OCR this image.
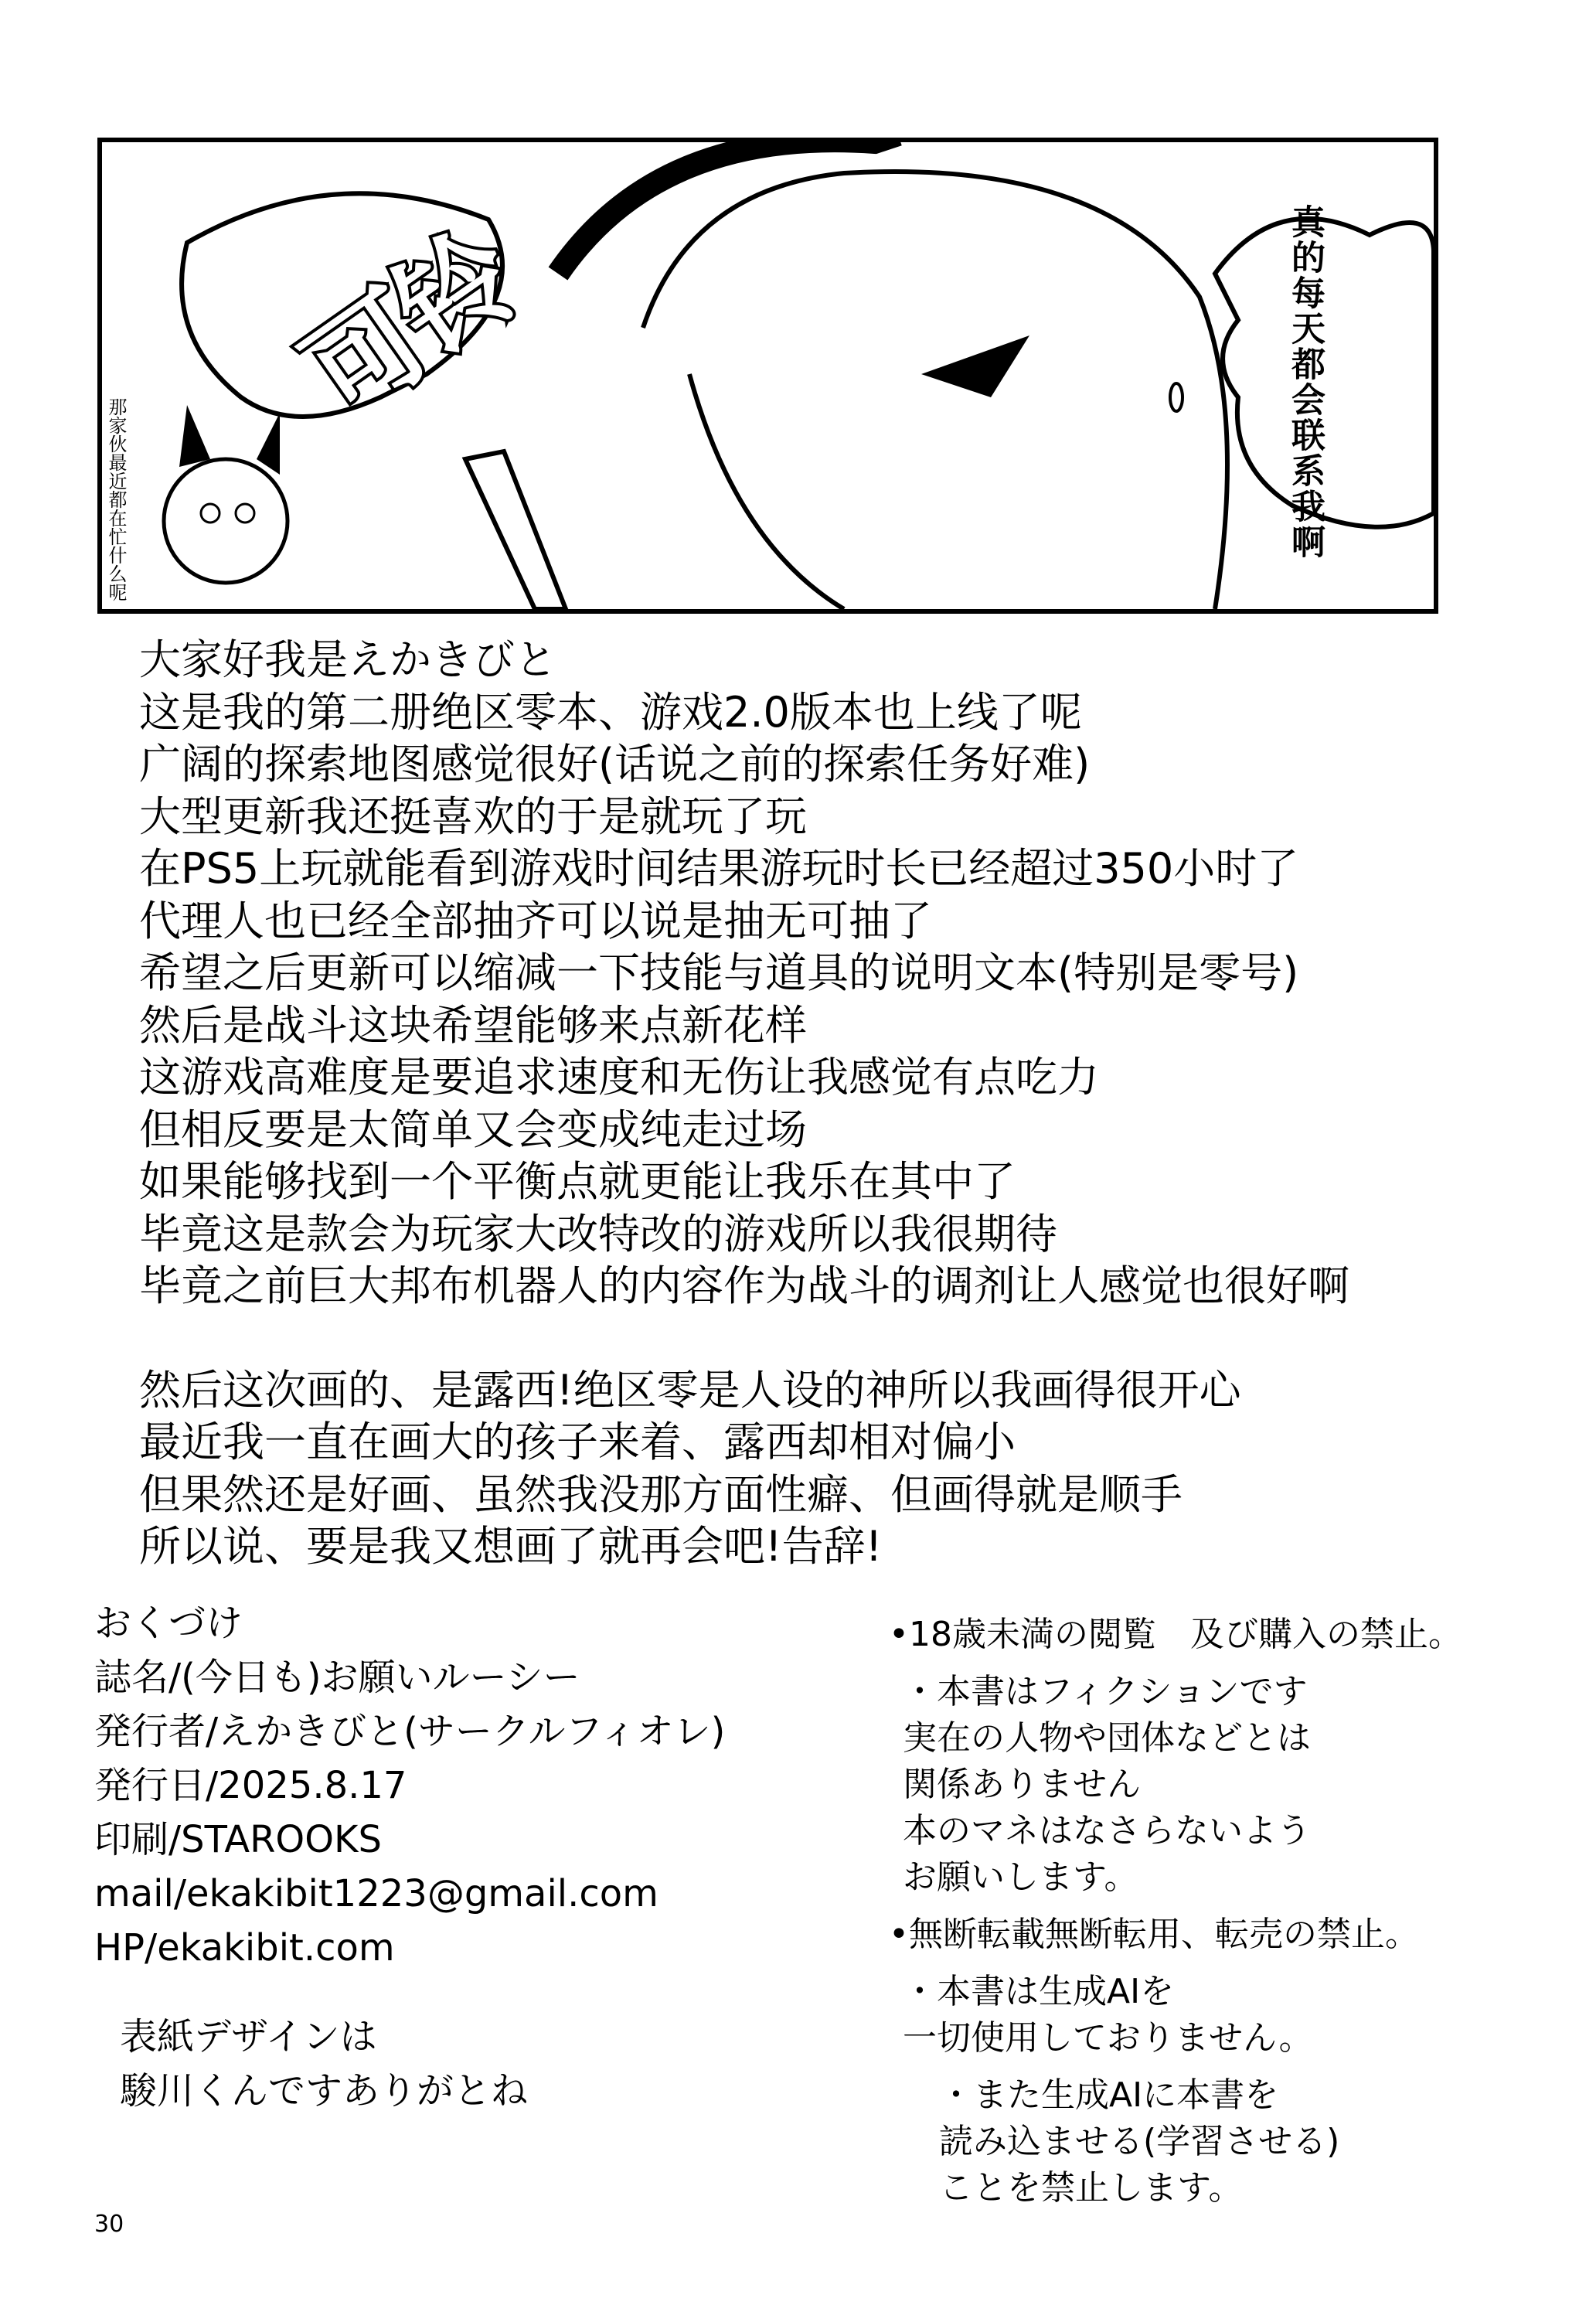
可铃	真的每天都会联系我啊
那家伙最近都在忙什么呢
大家好我是えかきびと
这是我的第二册绝区零本、游戏2.0版本也上线了呢
广阔的探索地图感觉很好(话说之前的探索任务好难)
大型更新我还挺喜欢的于是就玩了玩
在PS5上玩就能看到游戏时间结果游玩时长已经超过350小时了
代理人也已经全部抽齐可以说是抽无可抽了
希望之后更新可以缩减一下技能与道具的说明文本(特别是零号)
然后是战斗这块希望能够来点新花样
这游戏高难度是要追求速度和无伤让我感觉有点吃力
但相反要是太简单又会变成纯走过场
如果能够找到一个平衡点就更能让我乐在其中了
毕竟这是款会为玩家大改特改的游戏所以我很期待
毕竟之前巨大邦布机器人的内容作为战斗的调剂让人感觉也很好啊
然后这次画的、是露西!绝区零是人设的神所以我画得很开心
最近我一直在画大的孩子来着、露西却相对偏小
但果然还是好画、虽然我没那方面性癖、但画得就是顺手
所以说、要是我又想画了就再会吧!告辞!
おくづけ
誌名/(今日も)お願いルーシー
発行者/えかきびと(サークルフィオレ)
発行日/2025.8.17
印刷/STAROOKS
mail/ekakibit1223@gmail.com
HP/ekakibit.com
表紙デザインは
駿川くんですありがとね
•18歳未満の閲覧　及び購入の禁止。
・本書はフィクションです
実在の人物や団体などとは
関係ありません
本のマネはなさらないよう
お願いします。
•無断転載無断転用、転売の禁止。
・本書は生成AIを
一切使用しておりません。
・また生成AIに本書を
読み込ませる(学習させる)
ことを禁止します。
30
